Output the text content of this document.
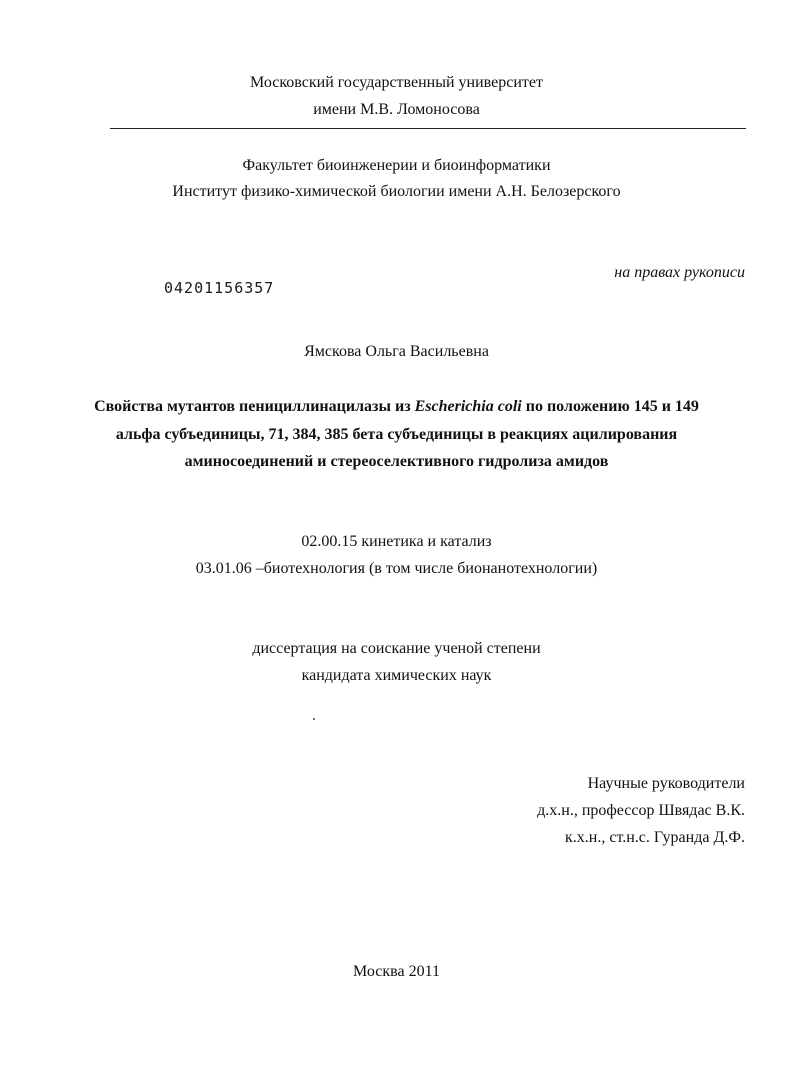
Московский государственный университет
имени М.В. Ломоносова
Факультет биоинженерии и биоинформатики
Институт физико-химической биологии имени А.Н. Белозерского
на правах рукописи
04201156357
Ямскова Ольга Васильевна
Свойства мутантов пенициллинацилазы из Escherichia coli по положению 145 и 149
альфа субъединицы, 71, 384, 385 бета субъединицы в реакциях ацилирования
аминосоединений и стереоселективного гидролиза амидов
02.00.15 кинетика и катализ
03.01.06 –биотехнология (в том числе бионанотехнологии)
диссертация на соискание ученой степени
кандидата химических наук
Научные руководители
д.х.н., профессор Швядас В.К.
к.х.н., ст.н.с. Гуранда Д.Ф.
Москва 2011
